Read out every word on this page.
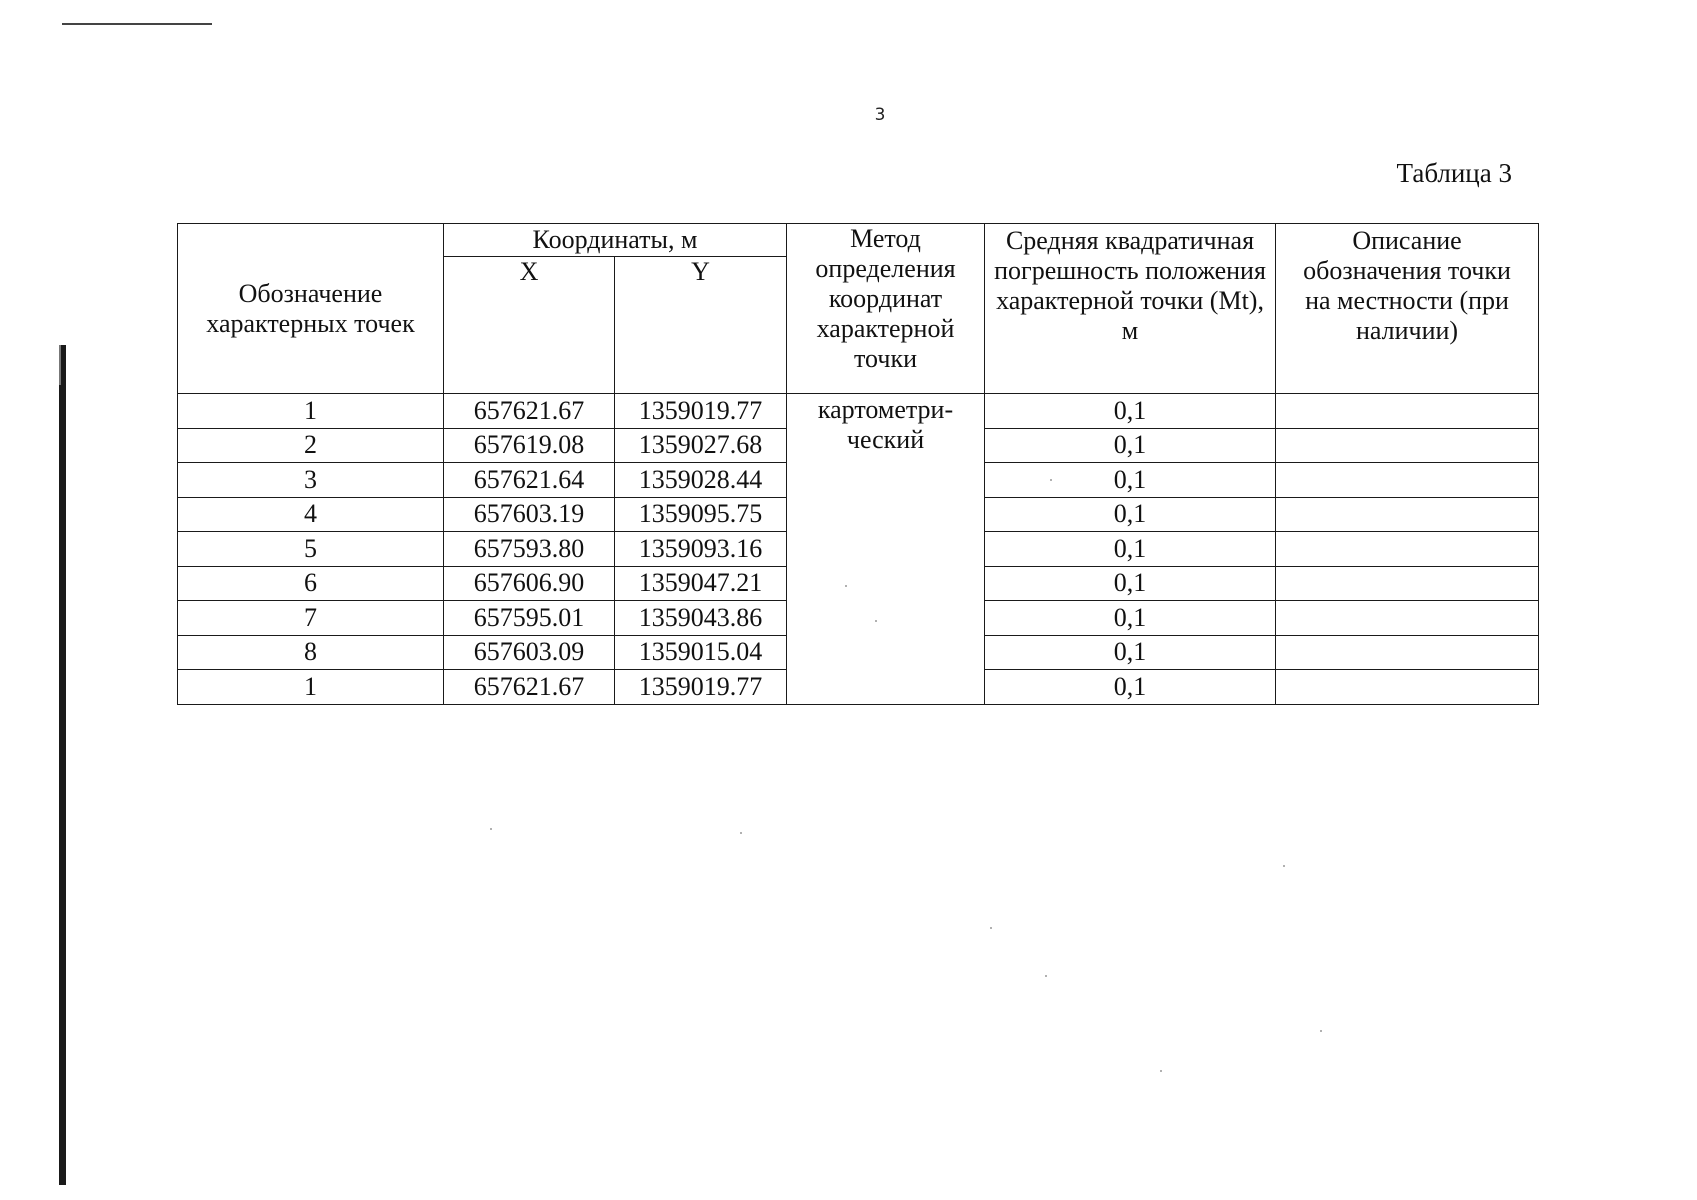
3
Таблица 3
Обозначение характерных точек	Координаты, м		Метод определения координат характерной точки	Средняя квадратичная погрешность положения характерной точки (Mt), м	Описание обозначения точки на местности (при наличии)
	X	Y			
1	657621.67	1359019.77	картометри-ческий	0,1	
2	657619.08	1359027.68		0,1	
3	657621.64	1359028.44		0,1	
4	657603.19	1359095.75		0,1	
5	657593.80	1359093.16		0,1	
6	657606.90	1359047.21		0,1	
7	657595.01	1359043.86		0,1	
8	657603.09	1359015.04		0,1	
1	657621.67	1359019.77		0,1	
